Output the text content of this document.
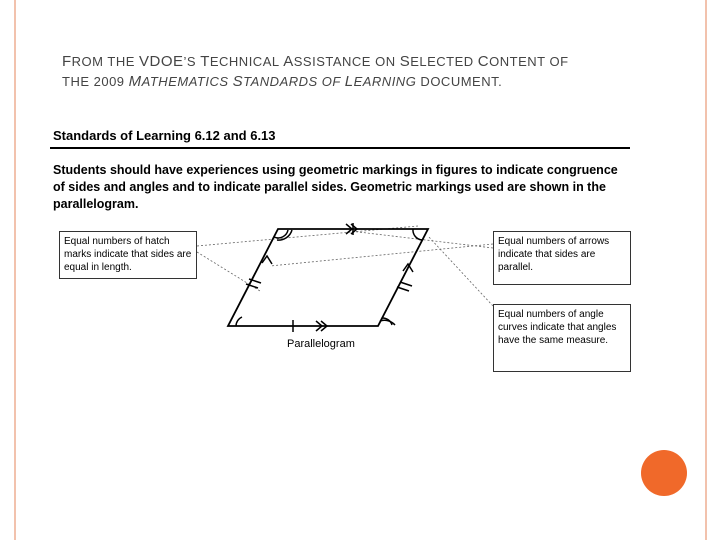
FROM THE VDOE’S TECHNICAL ASSISTANCE ON SELECTED CONTENT OF
THE 2009 MATHEMATICS STANDARDS OF LEARNING DOCUMENT.
Standards of Learning 6.12 and 6.13
Students should have experiences using geometric markings in figures to indicate congruence of sides and angles and to indicate parallel sides. Geometric markings used are shown in the parallelogram.
Equal numbers of hatch marks indicate that sides are equal in length.
Equal numbers of arrows indicate that sides are parallel.
Equal numbers of angle curves indicate that angles have the same measure.
Parallelogram
